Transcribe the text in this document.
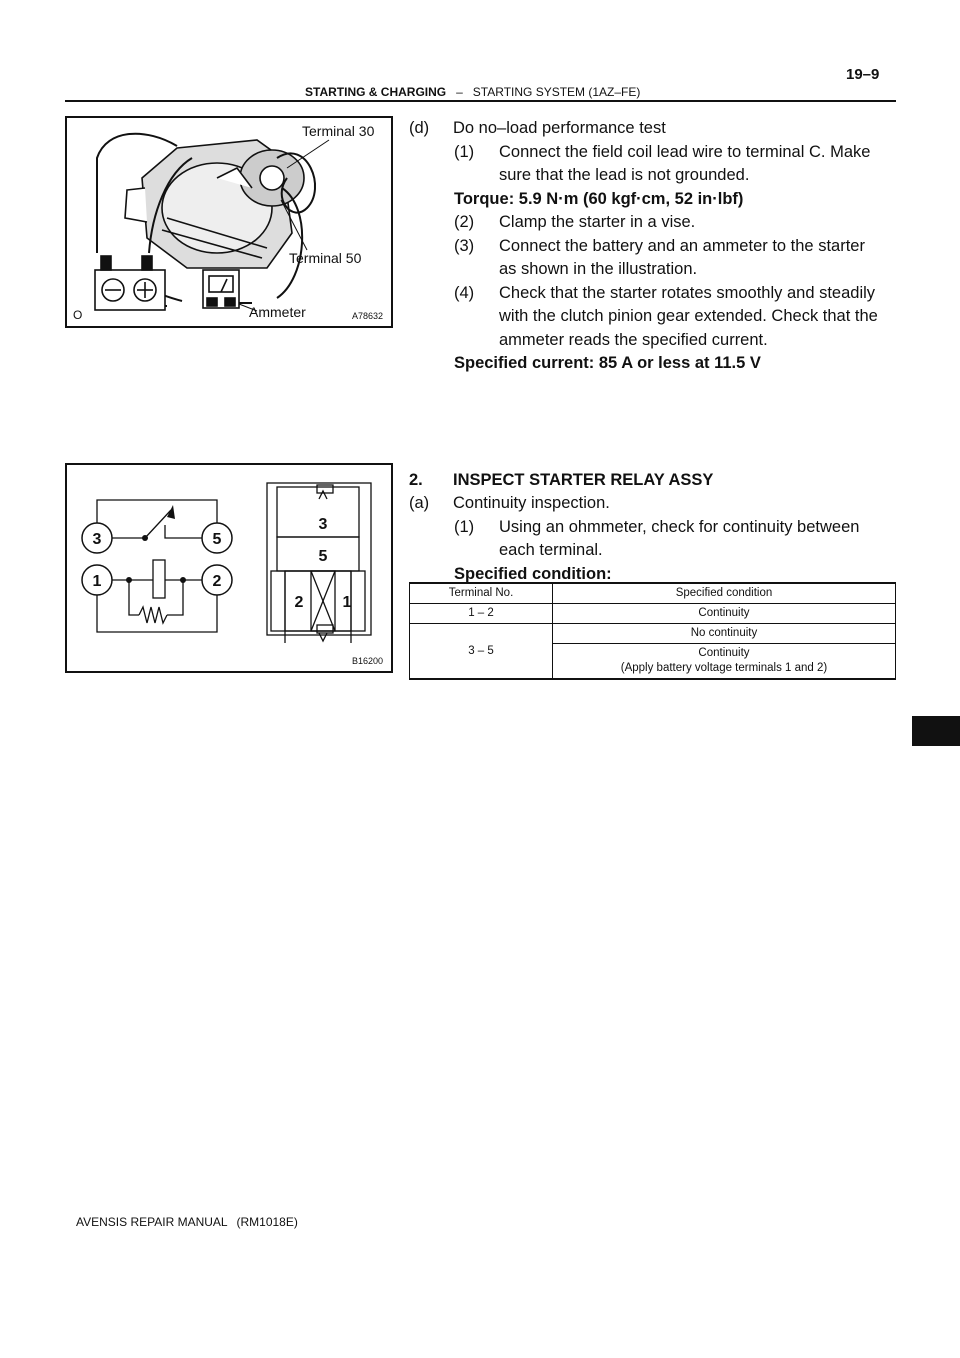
19–9
STARTING & CHARGING – STARTING SYSTEM (1AZ–FE)
Terminal 30
Terminal 50
Ammeter
O	A78632
3	5
1	2
3
5
2 1
B16200
(d) Do no–load performance test
(1) Connect the field coil lead wire to terminal C. Make
sure that the lead is not grounded.
Torque: 5.9 N·m (60 kgf·cm, 52 in·lbf)
(2) Clamp the starter in a vise.
(3) Connect the battery and an ammeter to the starter
as shown in the illustration.
(4) Check that the starter rotates smoothly and steadily
with the clutch pinion gear extended. Check that the
ammeter reads the specified current.
Specified current: 85 A or less at 11.5 V
2. INSPECT STARTER RELAY ASSY
(a) Continuity inspection.
(1) Using an ohmmeter, check for continuity between
each terminal.
Specified condition:
Terminal No.	Specified condition
1 – 2	Continuity
3 – 5	No continuity
	Continuity
(Apply battery voltage terminals 1 and 2)
AVENSIS REPAIR MANUAL (RM1018E)
